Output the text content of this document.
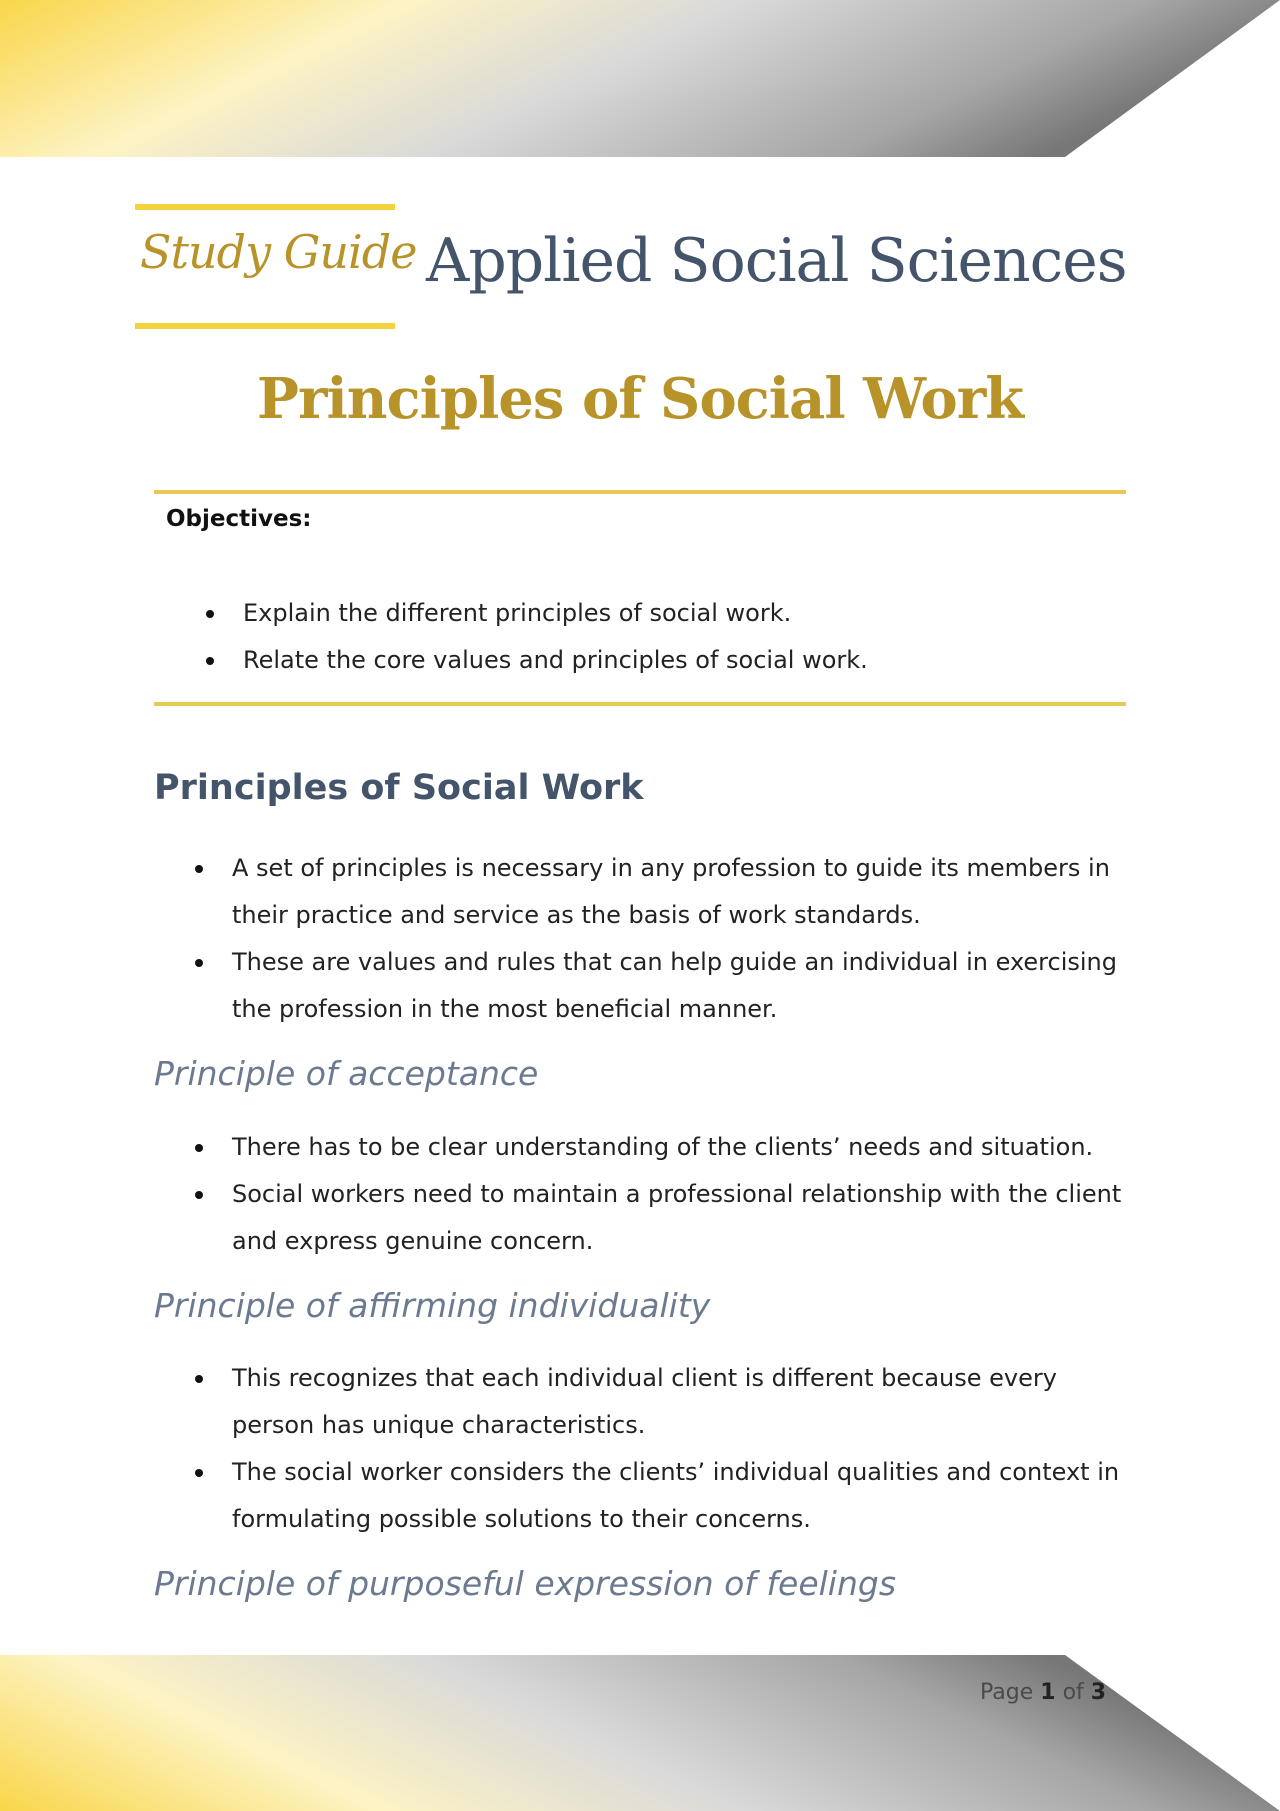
Study Guide Applied Social Sciences
Principles of Social Work
Objectives:
Explain the different principles of social work.
Relate the core values and principles of social work.
Principles of Social Work
A set of principles is necessary in any profession to guide its members in their practice and service as the basis of work standards.
These are values and rules that can help guide an individual in exercising the profession in the most beneficial manner.
Principle of acceptance
There has to be clear understanding of the clients’ needs and situation.
Social workers need to maintain a professional relationship with the client and express genuine concern.
Principle of affirming individuality
This recognizes that each individual client is different because every person has unique characteristics.
The social worker considers the clients’ individual qualities and context in formulating possible solutions to their concerns.
Principle of purposeful expression of feelings
Page 1 of 3
